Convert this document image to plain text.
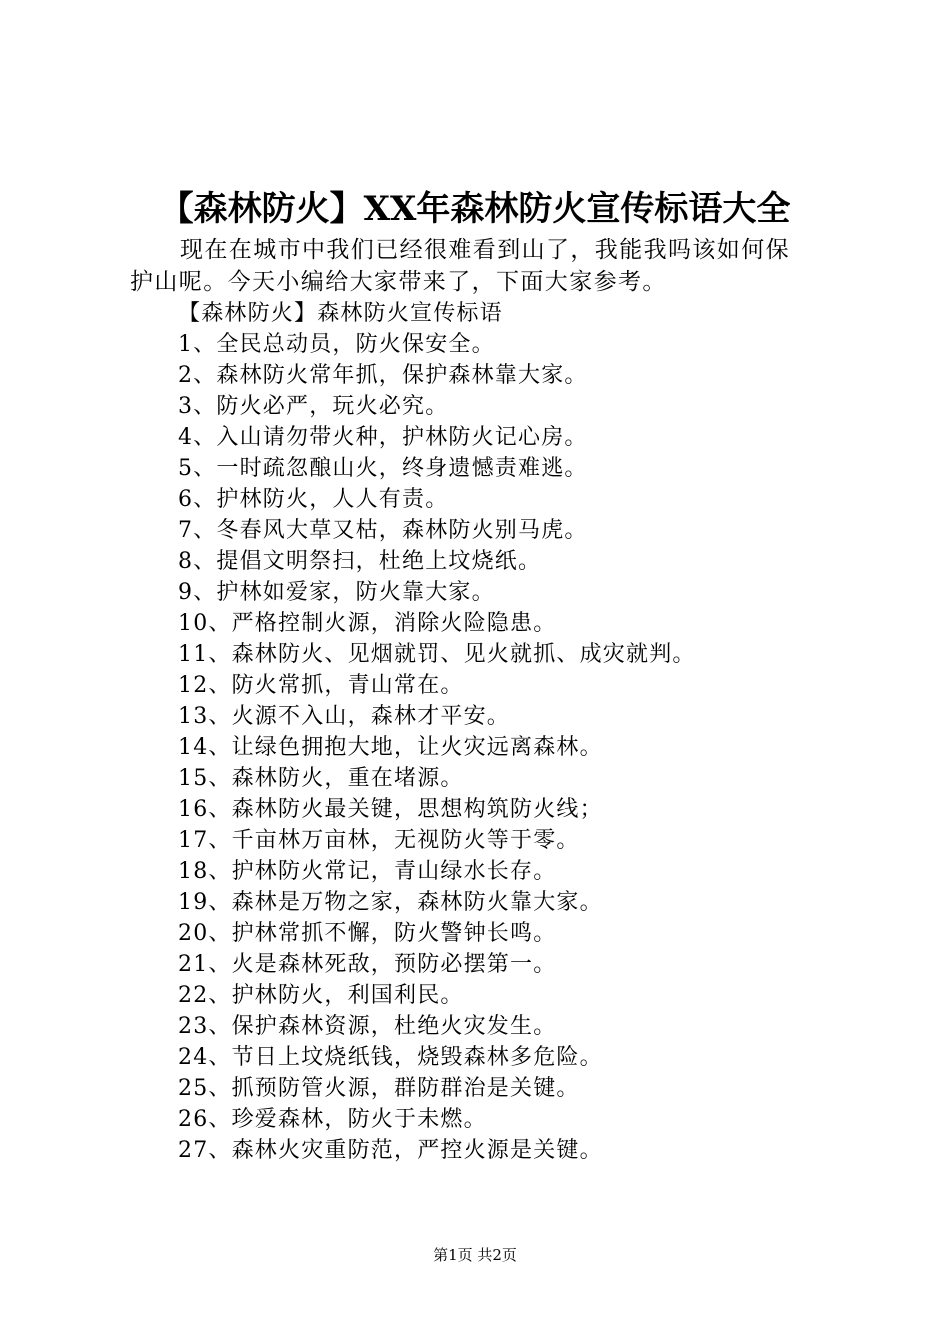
【森林防火】XX年森林防火宣传标语大全
现在在城市中我们已经很难看到山了，我能我吗该如何保
护山呢。今天小编给大家带来了，下面大家参考。
【森林防火】森林防火宣传标语
1、全民总动员，防火保安全。
2、森林防火常年抓，保护森林靠大家。
3、防火必严，玩火必究。
4、入山请勿带火种，护林防火记心房。
5、一时疏忽酿山火，终身遗憾责难逃。
6、护林防火，人人有责。
7、冬春风大草又枯，森林防火别马虎。
8、提倡文明祭扫，杜绝上坟烧纸。
9、护林如爱家，防火靠大家。
10、严格控制火源，消除火险隐患。
11、森林防火、见烟就罚、见火就抓、成灾就判。
12、防火常抓，青山常在。
13、火源不入山，森林才平安。
14、让绿色拥抱大地，让火灾远离森林。
15、森林防火，重在堵源。
16、森林防火最关键，思想构筑防火线；
17、千亩林万亩林，无视防火等于零。
18、护林防火常记，青山绿水长存。
19、森林是万物之家，森林防火靠大家。
20、护林常抓不懈，防火警钟长鸣。
21、火是森林死敌，预防必摆第一。
22、护林防火，利国利民。
23、保护森林资源，杜绝火灾发生。
24、节日上坟烧纸钱，烧毁森林多危险。
25、抓预防管火源，群防群治是关键。
26、珍爱森林，防火于未燃。
27、森林火灾重防范，严控火源是关键。
第1页 共2页
